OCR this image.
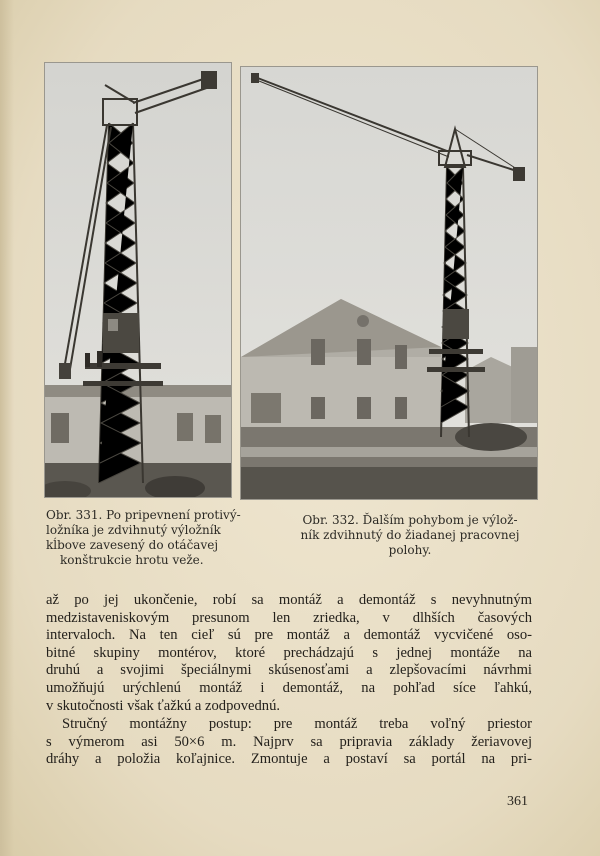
Obr. 331. Po pripevnení protivý-
ložníka je zdvihnutý výložník
kĺbove zavesený do otáčavej
konštrukcie hrotu veže.
Obr. 332. Ďalším pohybom je výlož-
ník zdvihnutý do žiadanej pracovnej
polohy.
až po jej ukončenie, robí sa montáž a demontáž s nevyhnutným
medzistaveniskovým presunom len zriedka, v dlhších časových
intervaloch. Na ten cieľ sú pre montáž a demontáž vycvičené oso-
bitné skupiny montérov, ktoré prechádzajú s jednej montáže na
druhú a svojimi špeciálnymi skúsenosťami a zlepšovacími návrhmi
umožňujú urýchlenú montáž i demontáž, na pohľad síce ľahkú,
v skutočnosti však ťažkú a zodpovednú.
Stručný montážny postup: pre montáž treba voľný priestor
s výmerom asi 50×6 m. Najprv sa pripravia základy žeriavovej
dráhy a položia koľajnice. Zmontuje a postaví sa portál na pri-
361
